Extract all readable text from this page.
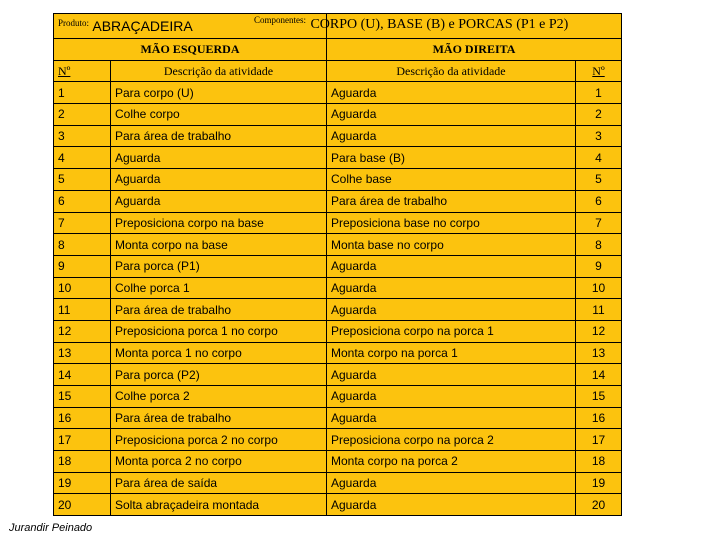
$^{Produto:}$ ABRAÇADEIRA			
MÃO ESQUERDA		MÃO DIREITA	
Nº	Descrição da atividade	Descrição da atividade	Nº
1	Para corpo (U)	Aguarda	1
2	Colhe corpo	Aguarda	2
3	Para área de trabalho	Aguarda	3
4	Aguarda	Para base (B)	4
5	Aguarda	Colhe base	5
6	Aguarda	Para área de trabalho	6
7	Preposiciona corpo na base	Preposiciona base no corpo	7
8	Monta corpo na base	Monta base no corpo	8
9	Para porca (P1)	Aguarda	9
10	Colhe porca 1	Aguarda	10
11	Para área de trabalho	Aguarda	11
12	Preposiciona porca 1 no corpo	Preposiciona corpo na porca 1	12
13	Monta porca 1 no corpo	Monta corpo na porca 1	13
14	Para porca (P2)	Aguarda	14
15	Colhe porca 2	Aguarda	15
16	Para área de trabalho	Aguarda	16
17	Preposiciona porca 2 no corpo	Preposiciona corpo na porca 2	17
18	Monta porca 2 no corpo	Monta corpo na porca 2	18
19	Para área de saída	Aguarda	19
20	Solta abraçadeira montada	Aguarda	20
$^{Componentes:}$ CORPO (U), BASE (B) e PORCAS (P1 e P2)
Jurandir Peinado
